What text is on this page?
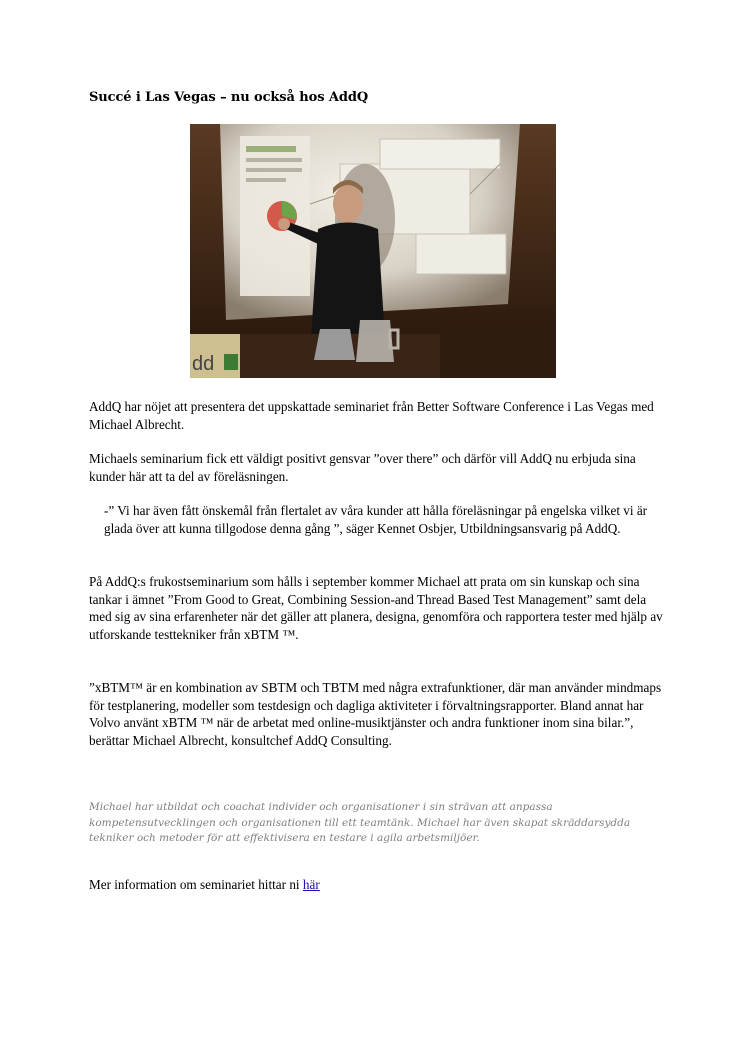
Succé i Las Vegas – nu också hos AddQ
dd
AddQ har nöjet att presentera det uppskattade seminariet från Better Software Conference i Las Vegas med Michael Albrecht.
Michaels seminarium fick ett väldigt positivt gensvar ”over there” och därför vill AddQ nu erbjuda sina kunder här att ta del av föreläsningen.
-” Vi har även fått önskemål från flertalet av våra kunder att hålla föreläsningar på engelska vilket vi är glada över att kunna tillgodose denna gång ”, säger Kennet Osbjer, Utbildningsansvarig på AddQ.
På AddQ:s frukostseminarium som hålls i september kommer Michael att prata om sin kunskap och sina tankar i ämnet ”From Good to Great, Combining Session-and Thread Based Test Management” samt dela med sig av sina erfarenheter när det gäller att planera, designa, genomföra och rapportera tester med hjälp av utforskande testtekniker från xBTM ™.
”xBTM™ är en kombination av SBTM och TBTM med några extrafunktioner, där man använder mindmaps för testplanering, modeller som testdesign och dagliga aktiviteter i förvaltningsrapporter. Bland annat har Volvo använt xBTM ™ när de arbetat med online-musiktjänster och andra funktioner inom sina bilar.”, berättar Michael Albrecht, konsultchef AddQ Consulting.
Michael har utbildat och coachat individer och organisationer i sin strävan att anpassa kompetensutvecklingen och organisationen till ett teamtänk. Michael har även skapat skräddarsydda tekniker och metoder för att effektivisera en testare i agila arbetsmiljöer.
Mer information om seminariet hittar ni här
